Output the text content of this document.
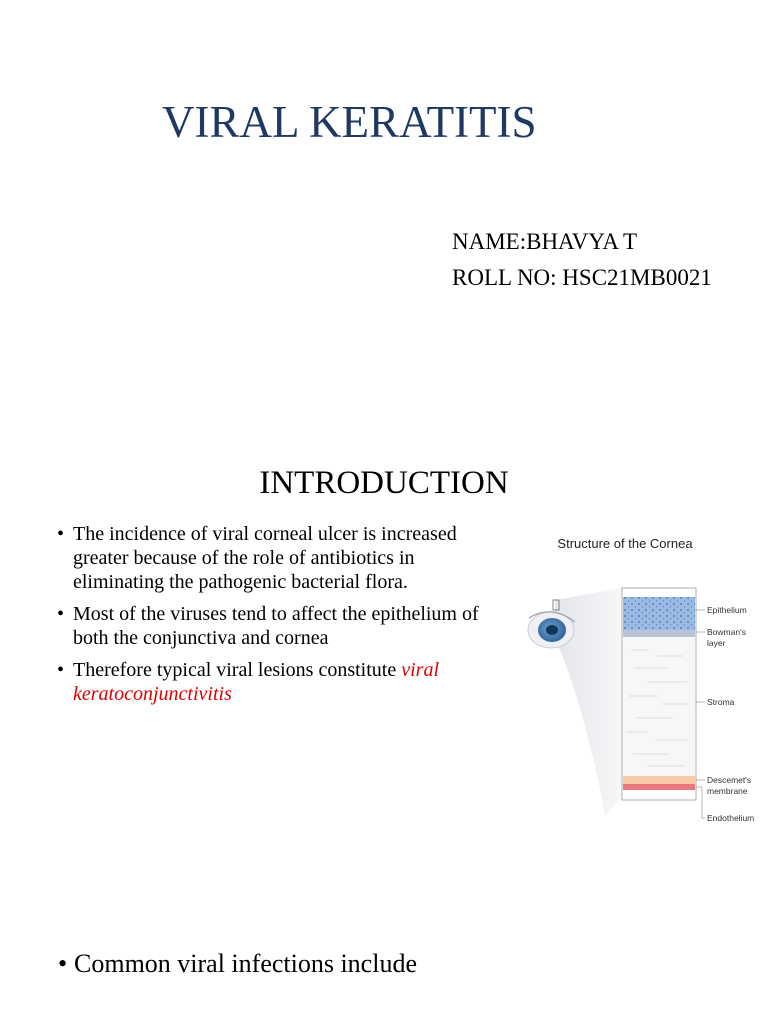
VIRAL KERATITIS
NAME:BHAVYA T
ROLL NO: HSC21MB0021
INTRODUCTION
• The incidence of viral corneal ulcer is increased greater because of the role of antibiotics in eliminating the pathogenic bacterial flora.
• Most of the viruses tend to affect the epithelium of both the conjunctiva and cornea
• Therefore typical viral lesions constitute viral keratoconjunctivitis
Structure of the Cornea
Epithelium
Bowman's
layer
Stroma
Descemet's
membrane
Endothelium
• Common viral infections include
